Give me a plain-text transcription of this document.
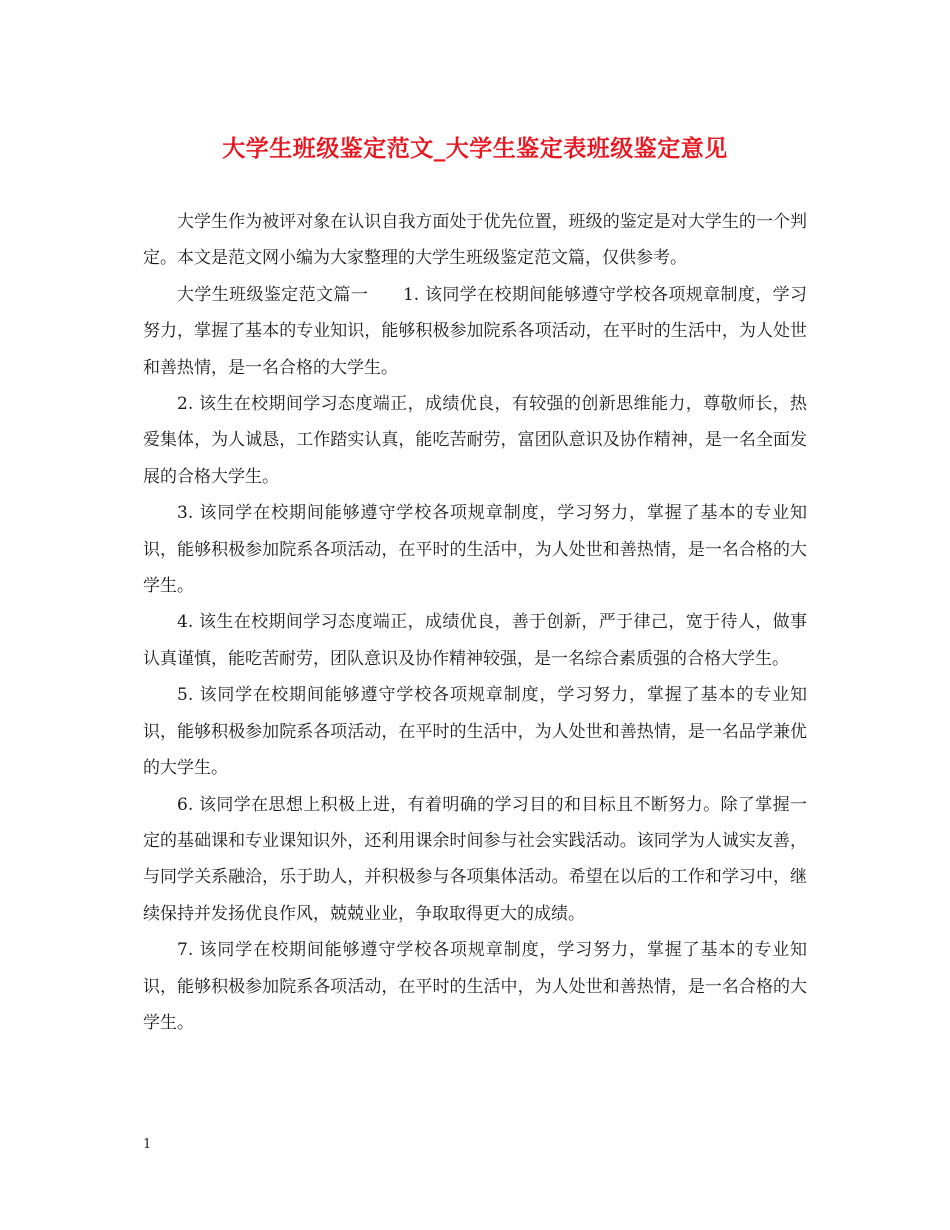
大学生班级鉴定范文_大学生鉴定表班级鉴定意见

大学生作为被评对象在认识自我方面处于优先位置，班级的鉴定是对大学生的一个判定。本文是范文网小编为大家整理的大学生班级鉴定范文篇，仅供参考。

大学生班级鉴定范文篇一　　1. 该同学在校期间能够遵守学校各项规章制度，学习努力，掌握了基本的专业知识，能够积极参加院系各项活动，在平时的生活中，为人处世和善热情，是一名合格的大学生。

2. 该生在校期间学习态度端正，成绩优良，有较强的创新思维能力，尊敬师长，热爱集体，为人诚恳，工作踏实认真，能吃苦耐劳，富团队意识及协作精神，是一名全面发展的合格大学生。

3. 该同学在校期间能够遵守学校各项规章制度，学习努力，掌握了基本的专业知识，能够积极参加院系各项活动，在平时的生活中，为人处世和善热情，是一名合格的大学生。

4. 该生在校期间学习态度端正，成绩优良，善于创新，严于律己，宽于待人，做事认真谨慎，能吃苦耐劳，团队意识及协作精神较强，是一名综合素质强的合格大学生。

5. 该同学在校期间能够遵守学校各项规章制度，学习努力，掌握了基本的专业知识，能够积极参加院系各项活动，在平时的生活中，为人处世和善热情，是一名品学兼优的大学生。

6. 该同学在思想上积极上进，有着明确的学习目的和目标且不断努力。除了掌握一定的基础课和专业课知识外，还利用课余时间参与社会实践活动。该同学为人诚实友善，与同学关系融洽，乐于助人，并积极参与各项集体活动。希望在以后的工作和学习中，继续保持并发扬优良作风，兢兢业业，争取取得更大的成绩。

7. 该同学在校期间能够遵守学校各项规章制度，学习努力，掌握了基本的专业知识，能够积极参加院系各项活动，在平时的生活中，为人处世和善热情，是一名合格的大学生。

1
